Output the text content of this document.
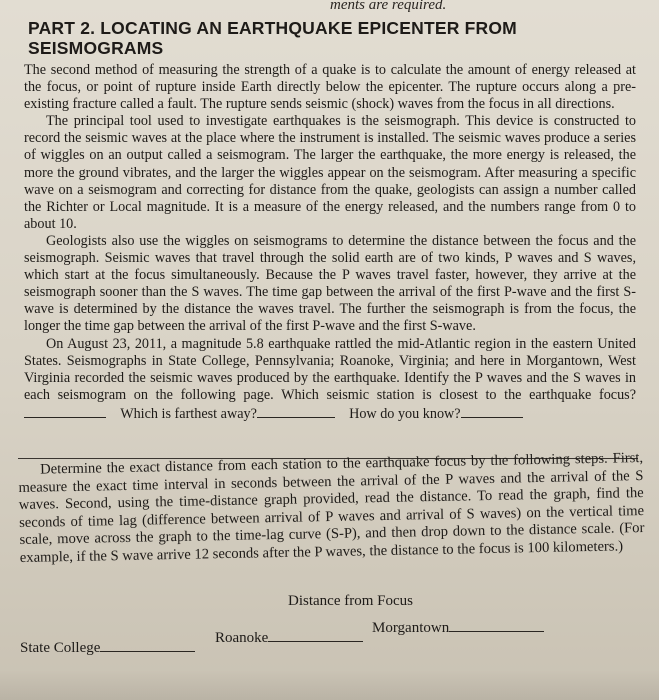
ments are required.
PART 2. LOCATING AN EARTHQUAKE EPICENTER FROM SEISMOGRAMS

The second method of measuring the strength of a quake is to calculate the amount of energy released at the focus, or point of rupture inside Earth directly below the epicenter. The rupture occurs along a pre-existing fracture called a fault. The rupture sends seismic (shock) waves from the focus in all directions.

The principal tool used to investigate earthquakes is the seismograph. This device is constructed to record the seismic waves at the place where the instrument is installed. The seismic waves produce a series of wiggles on an output called a seismogram. The larger the earthquake, the more energy is released, the more the ground vibrates, and the larger the wiggles appear on the seismogram. After measuring a specific wave on a seismogram and correcting for distance from the quake, geologists can assign a number called the Richter or Local magnitude. It is a measure of the energy released, and the numbers range from 0 to about 10.

Geologists also use the wiggles on seismograms to determine the distance between the focus and the seismograph. Seismic waves that travel through the solid earth are of two kinds, P waves and S waves, which start at the focus simultaneously. Because the P waves travel faster, however, they arrive at the seismograph sooner than the S waves. The time gap between the arrival of the first P-wave and the first S-wave is determined by the distance the waves travel. The further the seismograph is from the focus, the longer the time gap between the arrival of the first P-wave and the first S-wave.

On August 23, 2011, a magnitude 5.8 earthquake rattled the mid-Atlantic region in the eastern United States. Seismographs in State College, Pennsylvania; Roanoke, Virginia; and here in Morgantown, West Virginia recorded the seismic waves produced by the earthquake. Identify the P waves and the S waves in each seismogram on the following page. Which seismic station is closest to the earthquake focus?    Which is farthest away?	How do you know?

Determine the exact distance from each station to the earthquake focus by the following steps. First, measure the exact time interval in seconds between the arrival of the P waves and the arrival of the S waves. Second, using the time-distance graph provided, read the distance. To read the graph, find the seconds of time lag (difference between arrival of P waves and arrival of S waves) on the vertical time scale, move across the graph to the time-lag curve (S-P), and then drop down to the distance scale. (For example, if the S wave arrive 12 seconds after the P waves, the distance to the focus is 100 kilometers.)

Distance from Focus
State College
Roanoke
Morgantown
